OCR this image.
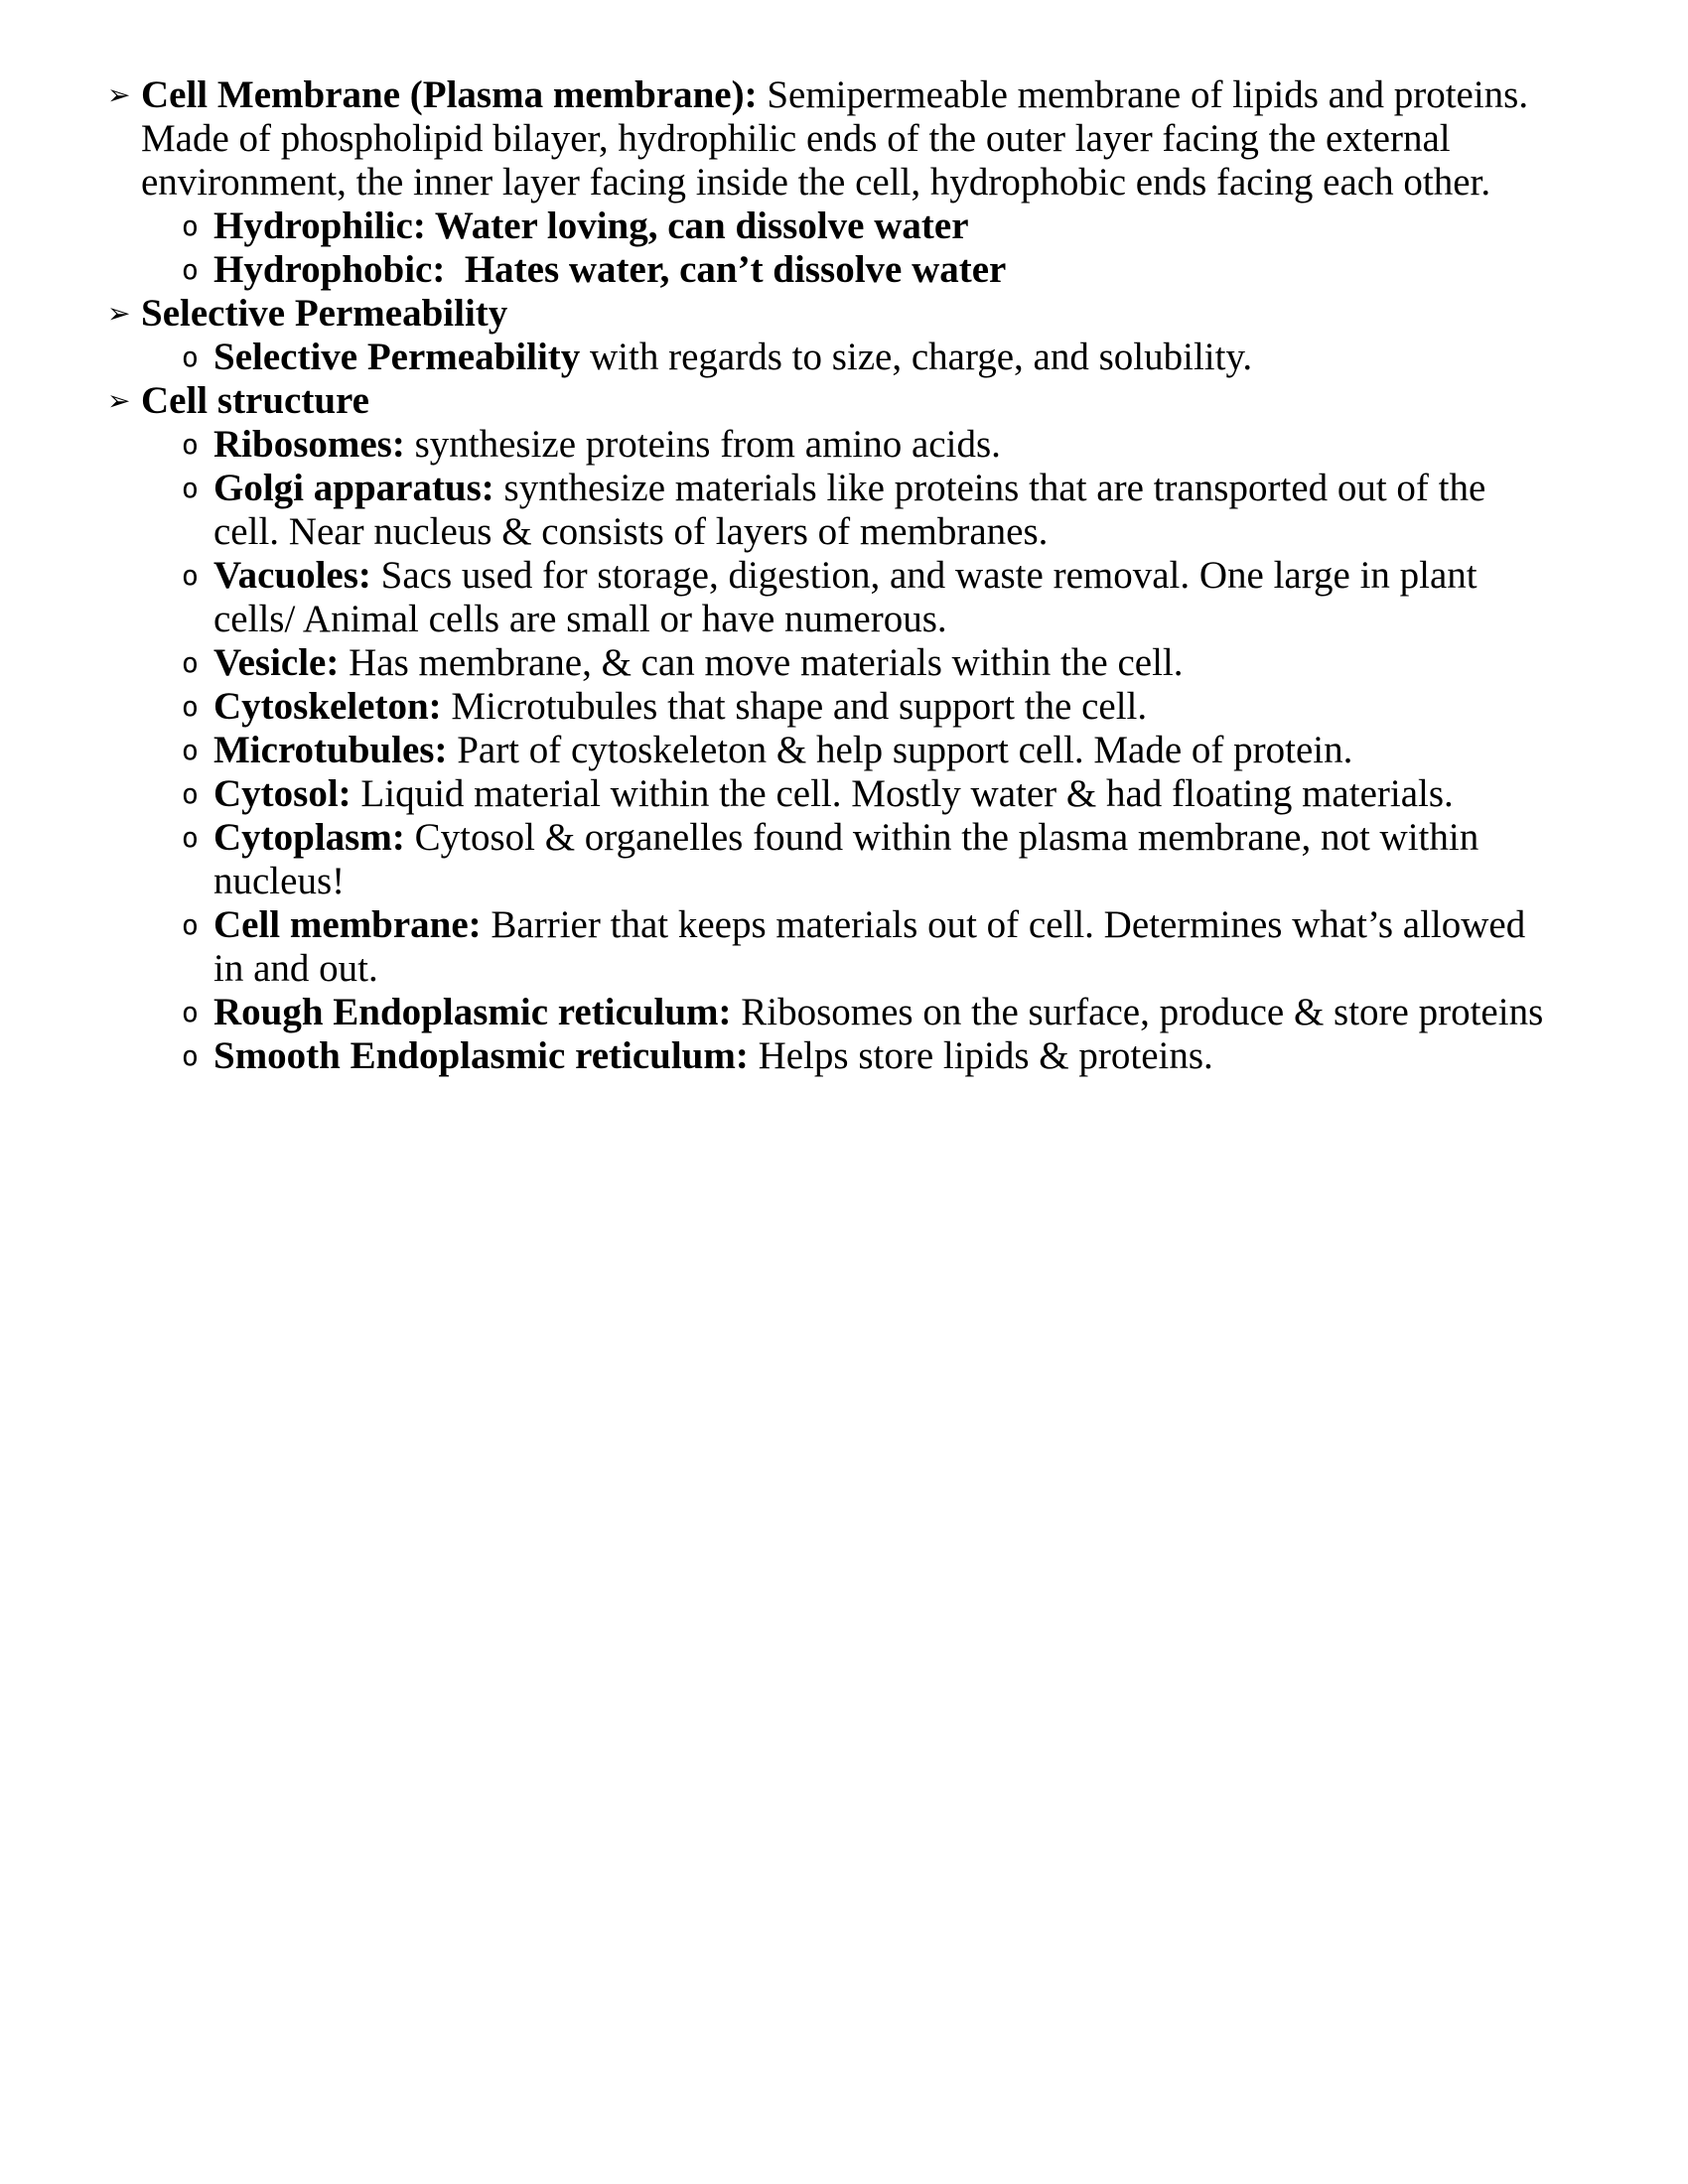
➢ Cell Membrane (Plasma membrane): Semipermeable membrane of lipids and proteins. Made of phospholipid bilayer, hydrophilic ends of the outer layer facing the external environment, the inner layer facing inside the cell, hydrophobic ends facing each other.
o Hydrophilic: Water loving, can dissolve water
o Hydrophobic:  Hates water, can’t dissolve water
➢ Selective Permeability
o Selective Permeability with regards to size, charge, and solubility.
➢ Cell structure
o Ribosomes: synthesize proteins from amino acids.
o Golgi apparatus: synthesize materials like proteins that are transported out of the cell. Near nucleus & consists of layers of membranes.
o Vacuoles: Sacs used for storage, digestion, and waste removal. One large in plant cells/ Animal cells are small or have numerous.
o Vesicle: Has membrane, & can move materials within the cell.
o Cytoskeleton: Microtubules that shape and support the cell.
o Microtubules: Part of cytoskeleton & help support cell. Made of protein.
o Cytosol: Liquid material within the cell. Mostly water & had floating materials.
o Cytoplasm: Cytosol & organelles found within the plasma membrane, not within nucleus!
o Cell membrane: Barrier that keeps materials out of cell. Determines what’s allowed in and out.
o Rough Endoplasmic reticulum: Ribosomes on the surface, produce & store proteins
o Smooth Endoplasmic reticulum: Helps store lipids & proteins.
